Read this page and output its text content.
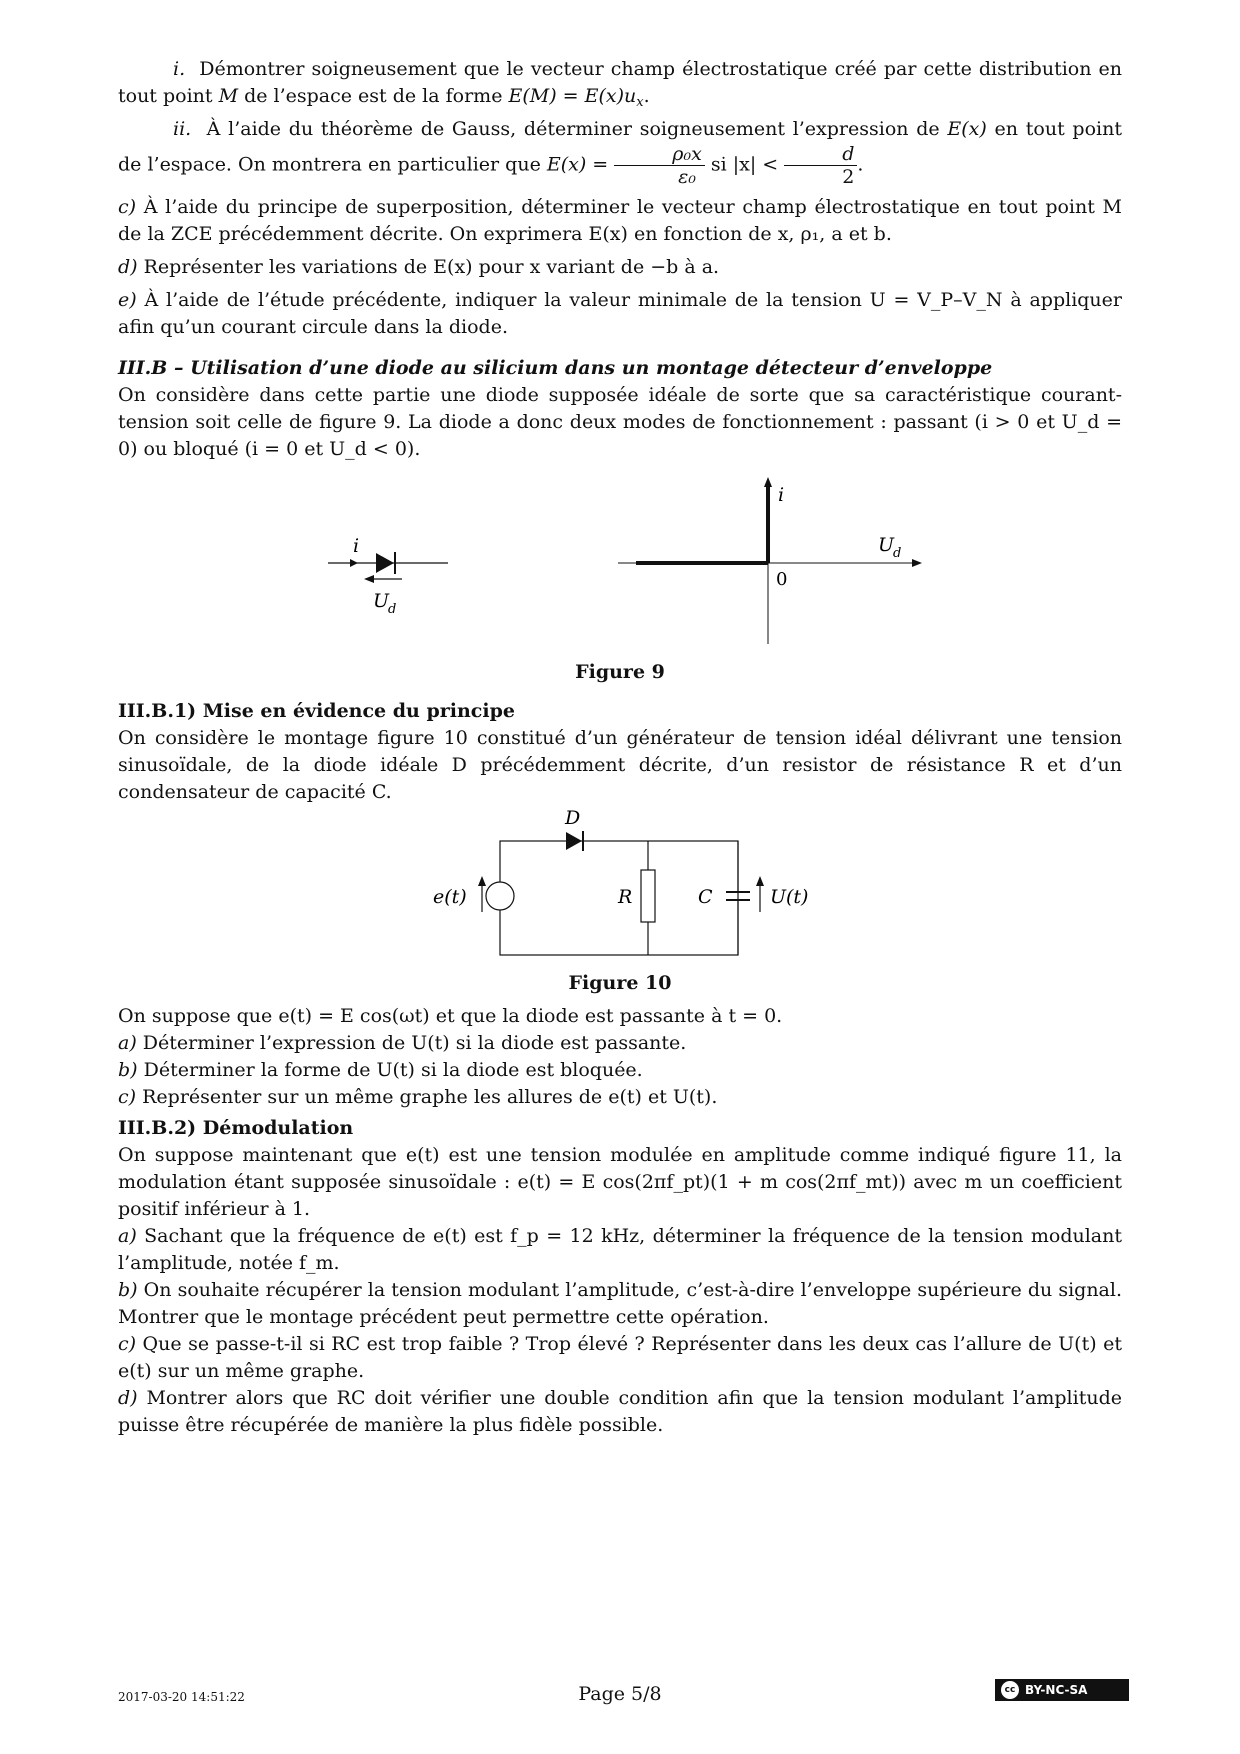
i. Démontrer soigneusement que le vecteur champ électrostatique créé par cette distribution en tout point M de l’espace est de la forme $E(M) = E(x)u_x$.

ii. À l’aide du théorème de Gauss, déterminer soigneusement l’expression de E(x) en tout point de l’espace. On montrera en particulier que $E(x) = \frac{\text{ρ₀x}}{\text{ε₀}}$ si $|x| < \frac{d}{2}$ .

c) À l’aide du principe de superposition, déterminer le vecteur champ électrostatique en tout point M de la ZCE précédemment décrite. On exprimera E(x) en fonction de x, ρ₁, a et b.

d) Représenter les variations de E(x) pour x variant de −b à a.

e) À l’aide de l’étude précédente, indiquer la valeur minimale de la tension U = V_P–V_N à appliquer afin qu’un courant circule dans la diode.

III.B – Utilisation d’une diode au silicium dans un montage détecteur d’enveloppe

On considère dans cette partie une diode supposée idéale de sorte que sa caractéristique courant-tension soit celle de figure 9. La diode a donc deux modes de fonctionnement : passant (i > 0 et U_d = 0) ou bloqué (i = 0 et U_d < 0).

i
U
d
i
U
d
0
Figure 9
III.B.1) Mise en évidence du principe

On considère le montage figure 10 constitué d’un générateur de tension idéal délivrant une tension sinusoïdale, de la diode idéale D précédemment décrite, d’un resistor de résistance R et d’un condensateur de capacité C.

D
e(t)	R	C	U(t)
Figure 10

On suppose que e(t) = E cos(ωt) et que la diode est passante à t = 0.

a) Déterminer l’expression de U(t) si la diode est passante.

b) Déterminer la forme de U(t) si la diode est bloquée.

c) Représenter sur un même graphe les allures de e(t) et U(t).

III.B.2) Démodulation

On suppose maintenant que e(t) est une tension modulée en amplitude comme indiqué figure 11, la modulation étant supposée sinusoïdale : e(t) = E cos(2πf_pt)(1 + m cos(2πf_mt)) avec m un coefficient positif inférieur à 1.

a) Sachant que la fréquence de e(t) est f_p = 12 kHz, déterminer la fréquence de la tension modulant l’amplitude, notée f_m.

b) On souhaite récupérer la tension modulant l’amplitude, c’est-à-dire l’enveloppe supérieure du signal. Montrer que le montage précédent peut permettre cette opération.

c) Que se passe-t-il si RC est trop faible ? Trop élevé ? Représenter dans les deux cas l’allure de U(t) et e(t) sur un même graphe.

d) Montrer alors que RC doit vérifier une double condition afin que la tension modulant l’amplitude puisse être récupérée de manière la plus fidèle possible.

2017-03-20 14:51:22	Page 5/8	cc BY-NC-SA
